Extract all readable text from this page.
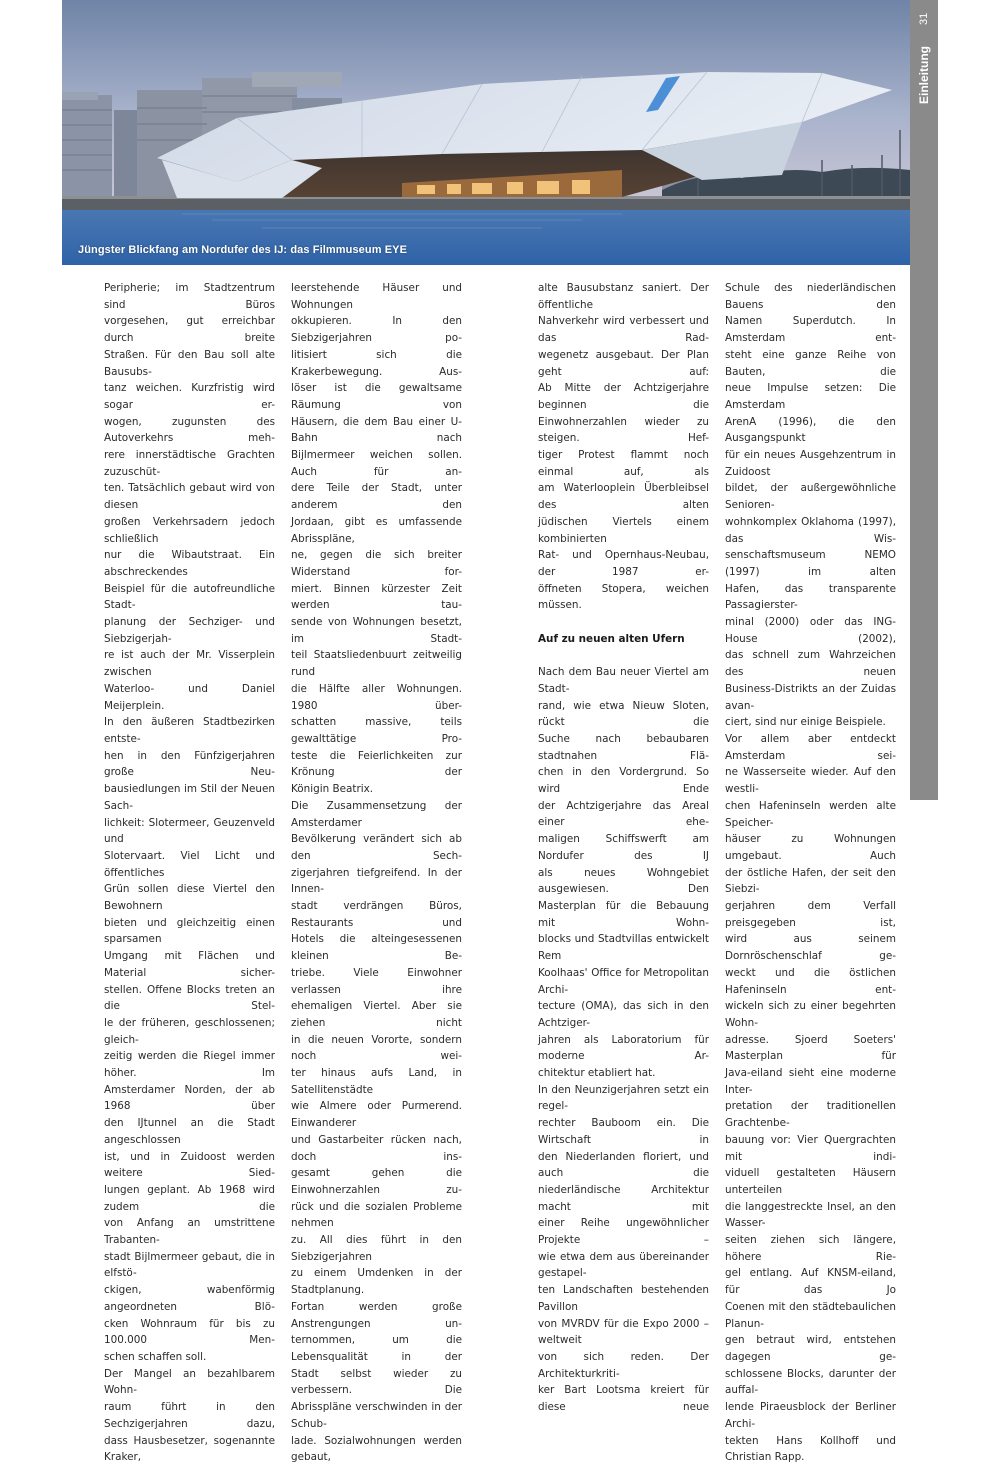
Jüngster Blickfang am Nordufer des IJ: das Filmmuseum EYE
31
Einleitung

Peripherie; im Stadtzentrum sind Büros

vorgesehen, gut erreichbar durch breite

Straßen. Für den Bau soll alte Bausubs-

tanz weichen. Kurzfristig wird sogar er-

wogen, zugunsten des Autoverkehrs meh-

rere innerstädtische Grachten zuzuschüt-

ten. Tatsächlich gebaut wird von diesen

großen Verkehrsadern jedoch schließlich

nur die Wibautstraat. Ein abschreckendes

Beispiel für die autofreundliche Stadt-

planung der Sechziger- und Siebzigerjah-

re ist auch der Mr. Visserplein zwischen

Waterloo- und Daniel Meijerplein.

In den äußeren Stadtbezirken entste-

hen in den Fünfzigerjahren große Neu-

bausiedlungen im Stil der Neuen Sach-

lichkeit: Slotermeer, Geuzenveld und

Slotervaart. Viel Licht und öffentliches

Grün sollen diese Viertel den Bewohnern

bieten und gleichzeitig einen sparsamen

Umgang mit Flächen und Material sicher-

stellen. Offene Blocks treten an die Stel-

le der früheren, geschlossenen; gleich-

zeitig werden die Riegel immer höher. Im

Amsterdamer Norden, der ab 1968 über

den IJtunnel an die Stadt angeschlossen

ist, und in Zuidoost werden weitere Sied-

lungen geplant. Ab 1968 wird zudem die

von Anfang an umstrittene Trabanten-

stadt Bijlmermeer gebaut, die in elfstö-

ckigen, wabenförmig angeordneten Blö-

cken Wohnraum für bis zu 100.000 Men-

schen schaffen soll.

Der Mangel an bezahlbarem Wohn-

raum führt in den Sechzigerjahren dazu,

dass Hausbesetzer, sogenannte Kraker,

leerstehende Häuser und Wohnungen

okkupieren. In den Siebzigerjahren po-

litisiert sich die Krakerbewegung. Aus-

löser ist die gewaltsame Räumung von

Häusern, die dem Bau einer U-Bahn nach

Bijlmermeer weichen sollen. Auch für an-

dere Teile der Stadt, unter anderem den

Jordaan, gibt es umfassende Abrisspläne,

ne, gegen die sich breiter Widerstand for-

miert. Binnen kürzester Zeit werden tau-

sende von Wohnungen besetzt, im Stadt-

teil Staatsliedenbuurt zeitweilig rund

die Hälfte aller Wohnungen. 1980 über-

schatten massive, teils gewalttätige Pro-

teste die Feierlichkeiten zur Krönung der

Königin Beatrix.

Die Zusammensetzung der Amsterdamer

Bevölkerung verändert sich ab den Sech-

zigerjahren tiefgreifend. In der Innen-

stadt verdrängen Büros, Restaurants und

Hotels die alteingesessenen kleinen Be-

triebe. Viele Einwohner verlassen ihre

ehemaligen Viertel. Aber sie ziehen nicht

in die neuen Vororte, sondern noch wei-

ter hinaus aufs Land, in Satellitenstädte

wie Almere oder Purmerend. Einwanderer

und Gastarbeiter rücken nach, doch ins-

gesamt gehen die Einwohnerzahlen zu-

rück und die sozialen Probleme nehmen

zu. All dies führt in den Siebzigerjahren

zu einem Umdenken in der Stadtplanung.

Fortan werden große Anstrengungen un-

ternommen, um die Lebensqualität in der

Stadt selbst wieder zu verbessern. Die

Abrisspläne verschwinden in der Schub-

lade. Sozialwohnungen werden gebaut,

alte Bausubstanz saniert. Der öffentliche

Nahverkehr wird verbessert und das Rad-

wegenetz ausgebaut. Der Plan geht auf:

Ab Mitte der Achtzigerjahre beginnen die

Einwohnerzahlen wieder zu steigen. Hef-

tiger Protest flammt noch einmal auf, als

am Waterlooplein Überbleibsel des alten

jüdischen Viertels einem kombinierten

Rat- und Opernhaus-Neubau, der 1987 er-

öffneten Stopera, weichen müssen.

Auf zu neuen alten Ufern

Nach dem Bau neuer Viertel am Stadt-

rand, wie etwa Nieuw Sloten, rückt die

Suche nach bebaubaren stadtnahen Flä-

chen in den Vordergrund. So wird Ende

der Achtzigerjahre das Areal einer ehe-

maligen Schiffswerft am Nordufer des IJ

als neues Wohngebiet ausgewiesen. Den

Masterplan für die Bebauung mit Wohn-

blocks und Stadtvillas entwickelt Rem

Koolhaas' Office for Metropolitan Archi-

tecture (OMA), das sich in den Achtziger-

jahren als Laboratorium für moderne Ar-

chitektur etabliert hat.

In den Neunzigerjahren setzt ein regel-

rechter Bauboom ein. Die Wirtschaft in

den Niederlanden floriert, und auch die

niederländische Architektur macht mit

einer Reihe ungewöhnlicher Projekte –

wie etwa dem aus übereinander gestapel-

ten Landschaften bestehenden Pavillon

von MVRDV für die Expo 2000 – weltweit

von sich reden. Der Architekturkriti-

ker Bart Lootsma kreiert für diese neue

Schule des niederländischen Bauens den

Namen Superdutch. In Amsterdam ent-

steht eine ganze Reihe von Bauten, die

neue Impulse setzen: Die Amsterdam

ArenA (1996), die den Ausgangspunkt

für ein neues Ausgehzentrum in Zuidoost

bildet, der außergewöhnliche Senioren-

wohnkomplex Oklahoma (1997), das Wis-

senschaftsmuseum NEMO (1997) im alten

Hafen, das transparente Passagierster-

minal (2000) oder das ING-House (2002),

das schnell zum Wahrzeichen des neuen

Business-Distrikts an der Zuidas avan-

ciert, sind nur einige Beispiele.

Vor allem aber entdeckt Amsterdam sei-

ne Wasserseite wieder. Auf den westli-

chen Hafeninseln werden alte Speicher-

häuser zu Wohnungen umgebaut. Auch

der östliche Hafen, der seit den Siebzi-

gerjahren dem Verfall preisgegeben ist,

wird aus seinem Dornröschenschlaf ge-

weckt und die östlichen Hafeninseln ent-

wickeln sich zu einer begehrten Wohn-

adresse. Sjoerd Soeters' Masterplan für

Java-eiland sieht eine moderne Inter-

pretation der traditionellen Grachtenbe-

bauung vor: Vier Quergrachten mit indi-

viduell gestalteten Häusern unterteilen

die langgestreckte Insel, an den Wasser-

seiten ziehen sich längere, höhere Rie-

gel entlang. Auf KNSM-eiland, für das Jo

Coenen mit den städtebaulichen Planun-

gen betraut wird, entstehen dagegen ge-

schlossene Blocks, darunter der auffal-

lende Piraeusblock der Berliner Archi-

tekten Hans Kollhoff und Christian Rapp.
